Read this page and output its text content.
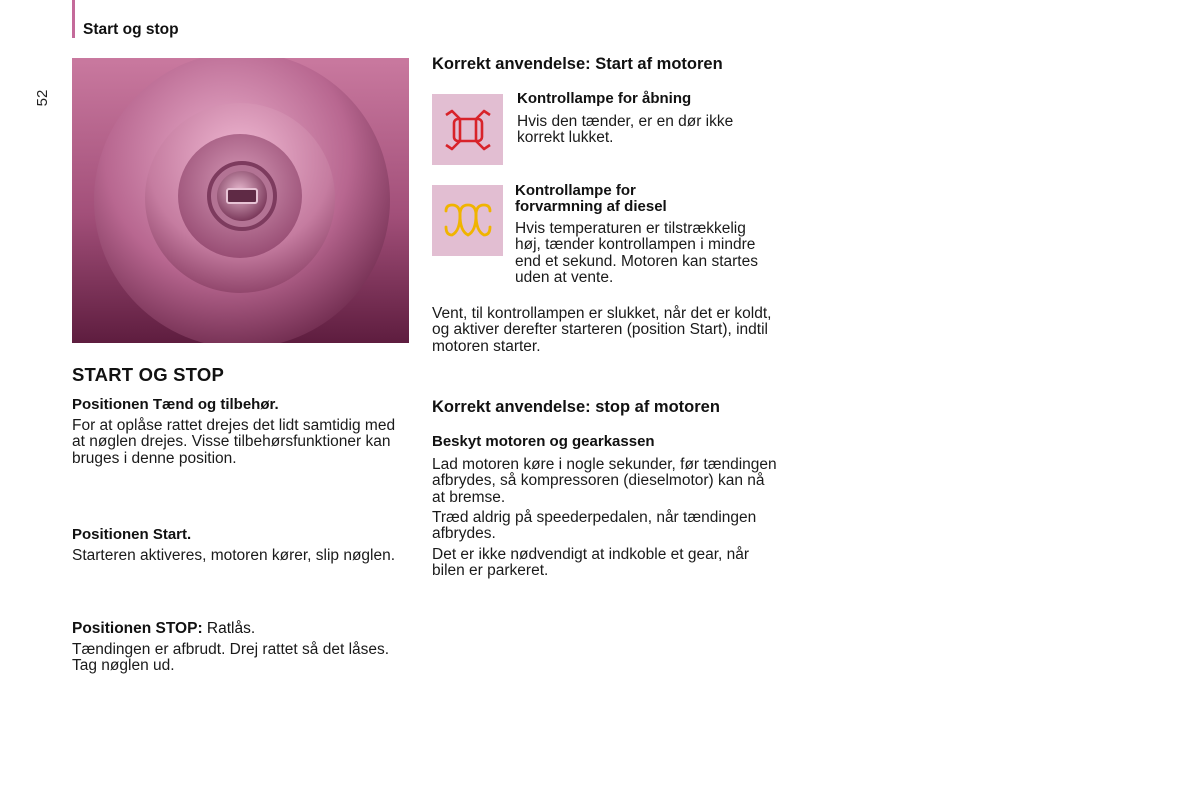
Start og stop
52
START OG STOP
Positionen Tænd og tilbehør.

For at oplåse rattet drejes det lidt samtidig med at nøglen drejes. Visse tilbehørsfunktioner kan bruges i denne position.

Positionen Start.

Starteren aktiveres, motoren kører, slip nøglen.

Positionen STOP: Ratlås.

Tændingen er afbrudt. Drej rattet så det låses. Tag nøglen ud.

Korrekt anvendelse: Start af motoren
Kontrollampe for åbning

Hvis den tænder, er en dør ikke korrekt lukket.

Kontrollampe for forvarmning af diesel

Hvis temperaturen er tilstrækkelig høj, tænder kontrollampen i mindre end et sekund. Motoren kan startes uden at vente.

Vent, til kontrollampen er slukket, når det er koldt, og aktiver derefter starteren (position Start), indtil motoren starter.

Korrekt anvendelse: stop af motoren
Beskyt motoren og gearkassen

Lad motoren køre i nogle sekunder, før tændingen afbrydes, så kompressoren (dieselmotor) kan nå at bremse.

Træd aldrig på speederpedalen, når tændingen afbrydes.

Det er ikke nødvendigt at indkoble et gear, når bilen er parkeret.
